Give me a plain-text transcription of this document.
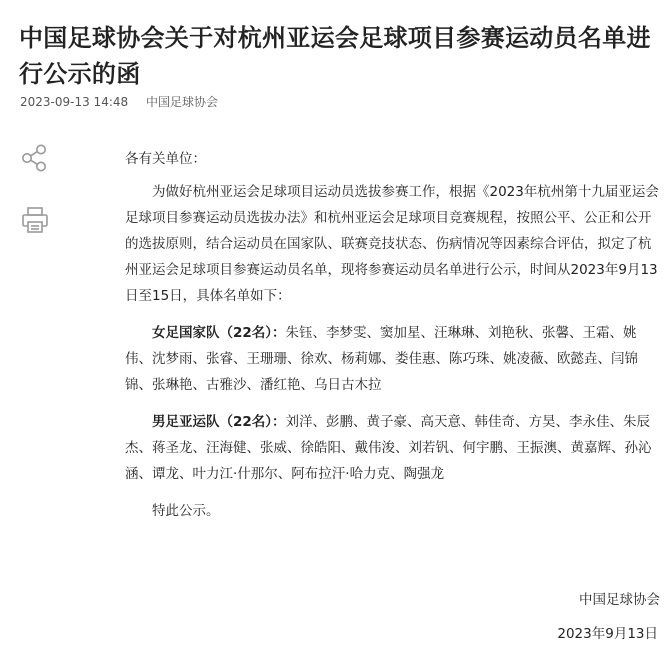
中国足球协会关于对杭州亚运会足球项目参赛运动员名单进行公示的函
2023-09-13 14:48 中国足球协会

各有关单位：

为做好杭州亚运会足球项目运动员选拔参赛工作，根据《2023年杭州第十九届亚运会足球项目参赛运动员选拔办法》和杭州亚运会足球项目竞赛规程，按照公平、公正和公开的选拔原则，结合运动员在国家队、联赛竞技状态、伤病情况等因素综合评估，拟定了杭州亚运会足球项目参赛运动员名单，现将参赛运动员名单进行公示，时间从2023年9月13日至15日，具体名单如下：

女足国家队（22名）：朱钰、李梦雯、窦加星、汪琳琳、刘艳秋、张馨、王霜、姚伟、沈梦雨、张睿、王珊珊、徐欢、杨莉娜、娄佳惠、陈巧珠、姚凌薇、欧懿垚、闫锦锦、张琳艳、古雅沙、潘红艳、乌日古木拉

男足亚运队（22名）：刘洋、彭鹏、黄子豪、高天意、韩佳奇、方昊、李永佳、朱辰杰、蒋圣龙、汪海健、张威、徐皓阳、戴伟浚、刘若钒、何宇鹏、王振澳、黄嘉辉、孙沁涵、谭龙、叶力江·什那尔、阿布拉汗·哈力克、陶强龙

特此公示。

中国足球协会
2023年9月13日
